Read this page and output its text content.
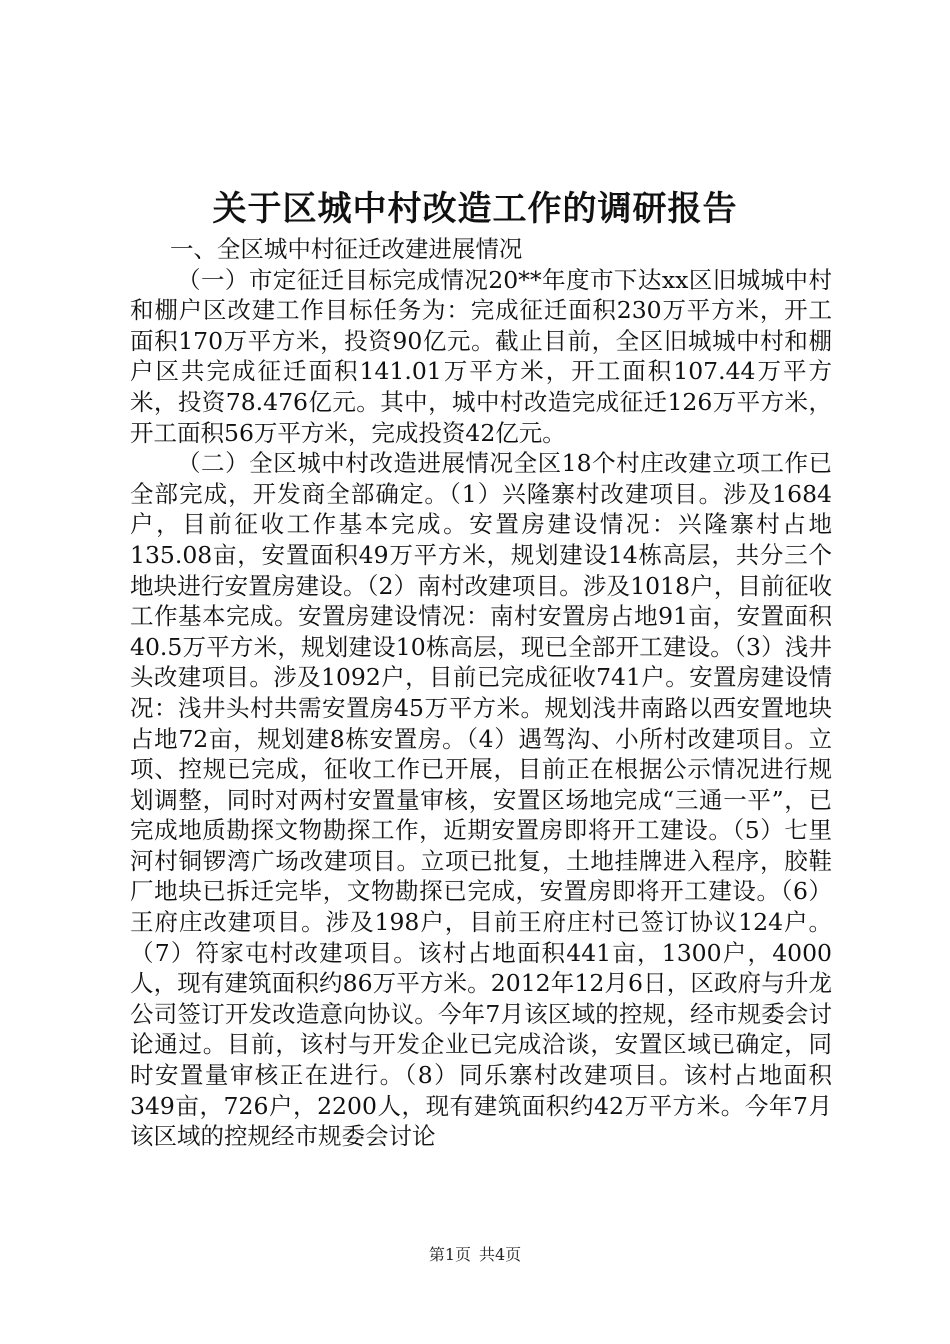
关于区城中村改造工作的调研报告

一、全区城中村征迁改建进展情况

（一）市定征迁目标完成情况20**年度市下达xx区旧城城中村和棚户区改建工作目标任务为：完成征迁面积230万平方米，开工面积170万平方米，投资90亿元。截止目前，全区旧城城中村和棚户区共完成征迁面积141.01万平方米，开工面积107.44万平方米，投资78.476亿元。其中，城中村改造完成征迁126万平方米，开工面积56万平方米，完成投资42亿元。

（二）全区城中村改造进展情况全区18个村庄改建立项工作已全部完成，开发商全部确定。（1）兴隆寨村改建项目。涉及1684户，目前征收工作基本完成。安置房建设情况：兴隆寨村占地135.08亩，安置面积49万平方米，规划建设14栋高层，共分三个地块进行安置房建设。（2）南村改建项目。涉及1018户，目前征收工作基本完成。安置房建设情况：南村安置房占地91亩，安置面积40.5万平方米，规划建设10栋高层，现已全部开工建设。（3）浅井头改建项目。涉及1092户，目前已完成征收741户。安置房建设情况：浅井头村共需安置房45万平方米。规划浅井南路以西安置地块占地72亩，规划建8栋安置房。（4）遇驾沟、小所村改建项目。立项、控规已完成，征收工作已开展，目前正在根据公示情况进行规划调整，同时对两村安置量审核，安置区场地完成“三通一平”，已完成地质勘探文物勘探工作，近期安置房即将开工建设。（5）七里河村铜锣湾广场改建项目。立项已批复，土地挂牌进入程序，胶鞋厂地块已拆迁完毕，文物勘探已完成，安置房即将开工建设。（6）王府庄改建项目。涉及198户，目前王府庄村已签订协议124户。（7）符家屯村改建项目。该村占地面积441亩，1300户，4000人，现有建筑面积约86万平方米。2012年12月6日，区政府与升龙公司签订开发改造意向协议。今年7月该区域的控规，经市规委会讨论通过。目前，该村与开发企业已完成洽谈，安置区域已确定，同时安置量审核正在进行。（8）同乐寨村改建项目。该村占地面积349亩，726户，2200人，现有建筑面积约42万平方米。今年7月该区域的控规经市规委会讨论

第1页 共4页
